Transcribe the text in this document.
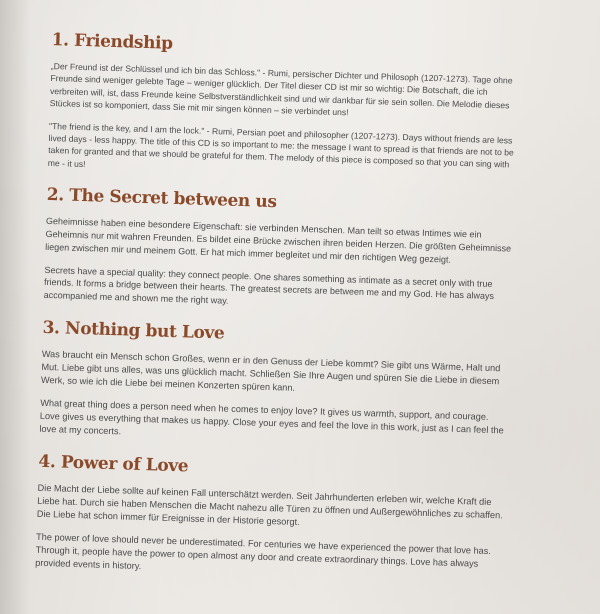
1. Friendship

„Der Freund ist der Schlüssel und ich bin das Schloss." - Rumi, persischer Dichter und Philosoph (1207-1273). Tage ohne Freunde sind weniger gelebte Tage – weniger glücklich. Der Titel dieser CD ist mir so wichtig: Die Botschaft, die ich verbreiten will, ist, dass Freunde keine Selbstverständlichkeit sind und wir dankbar für sie sein sollen. Die Melodie dieses Stückes ist so komponiert, dass Sie mit mir singen können – sie verbindet uns!

"The friend is the key, and I am the lock." - Rumi, Persian poet and philosopher (1207-1273). Days without friends are less lived days - less happy. The title of this CD is so important to me: the message I want to spread is that friends are not to be taken for granted and that we should be grateful for them. The melody of this piece is composed so that you can sing with me - it us!

2. The Secret between us

Geheimnisse haben eine besondere Eigenschaft: sie verbinden Menschen. Man teilt so etwas Intimes wie ein Geheimnis nur mit wahren Freunden. Es bildet eine Brücke zwischen ihren beiden Herzen. Die größten Geheimnisse liegen zwischen mir und meinem Gott. Er hat mich immer begleitet und mir den richtigen Weg gezeigt.

Secrets have a special quality: they connect people. One shares something as intimate as a secret only with true friends. It forms a bridge between their hearts. The greatest secrets are between me and my God. He has always accompanied me and shown me the right way.

3. Nothing but Love

Was braucht ein Mensch schon Großes, wenn er in den Genuss der Liebe kommt? Sie gibt uns Wärme, Halt und Mut. Liebe gibt uns alles, was uns glücklich macht. Schließen Sie Ihre Augen und spüren Sie die Liebe in diesem Werk, so wie ich die Liebe bei meinen Konzerten spüren kann.

What great thing does a person need when he comes to enjoy love? It gives us warmth, support, and courage. Love gives us everything that makes us happy. Close your eyes and feel the love in this work, just as I can feel the love at my concerts.

4. Power of Love

Die Macht der Liebe sollte auf keinen Fall unterschätzt werden. Seit Jahrhunderten erleben wir, welche Kraft die Liebe hat. Durch sie haben Menschen die Macht nahezu alle Türen zu öffnen und Außergewöhnliches zu schaffen. Die Liebe hat schon immer für Ereignisse in der Historie gesorgt.

The power of love should never be underestimated. For centuries we have experienced the power that love has. Through it, people have the power to open almost any door and create extraordinary things. Love has always provided events in history.
